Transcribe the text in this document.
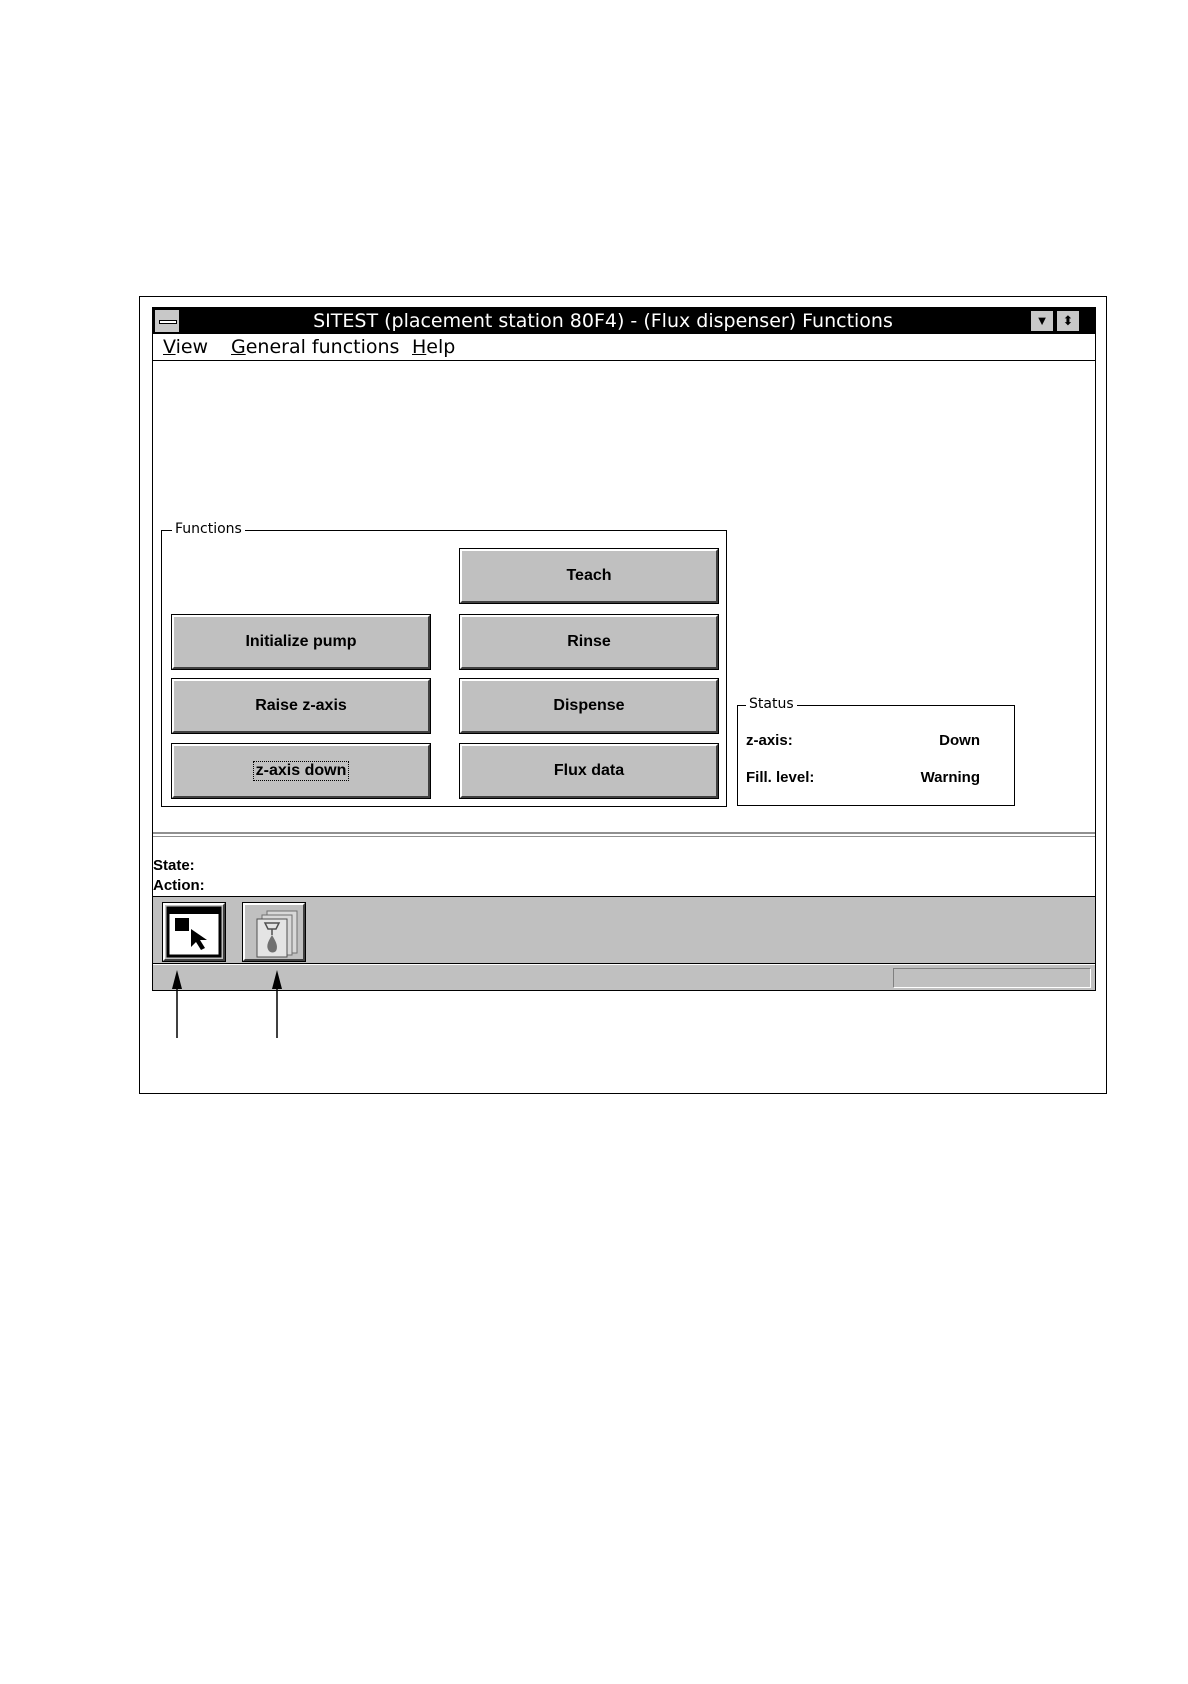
SITEST (placement station 80F4) - (Flux dispenser) Functions	▼	⬍
View General functions Help
Functions
Teach
Initialize pump	Rinse
Raise z-axis	Dispense
z-axis down	Flux data
Status
z-axis:	Down
Fill. level:	Warning
State:
Action:
